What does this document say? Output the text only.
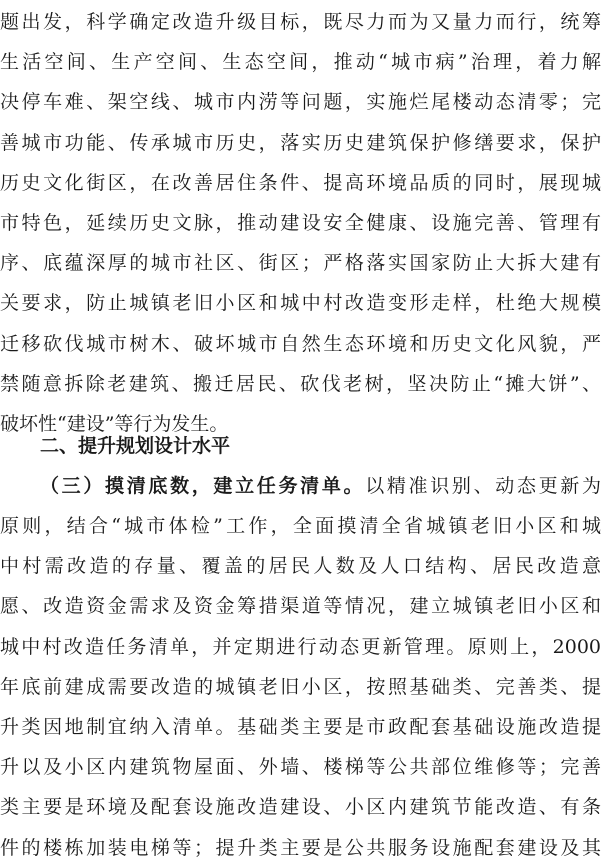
题出发，科学确定改造升级目标，既尽力而为又量力而行，统筹
生活空间、生产空间、生态空间，推动“城市病”治理，着力解
决停车难、架空线、城市内涝等问题，实施烂尾楼动态清零；完
善城市功能、传承城市历史，落实历史建筑保护修缮要求，保护
历史文化街区，在改善居住条件、提高环境品质的同时，展现城
市特色，延续历史文脉，推动建设安全健康、设施完善、管理有
序、底蕴深厚的城市社区、街区；严格落实国家防止大拆大建有
关要求，防止城镇老旧小区和城中村改造变形走样，杜绝大规模
迁移砍伐城市树木、破坏城市自然生态环境和历史文化风貌，严
禁随意拆除老建筑、搬迁居民、砍伐老树，坚决防止“摊大饼”、
破坏性“建设”等行为发生。
二、提升规划设计水平
（三）摸清底数，建立任务清单。以精准识别、动态更新为
原则，结合“城市体检”工作，全面摸清全省城镇老旧小区和城
中村需改造的存量、覆盖的居民人数及人口结构、居民改造意
愿、改造资金需求及资金筹措渠道等情况，建立城镇老旧小区和
城中村改造任务清单，并定期进行动态更新管理。原则上，2000
年底前建成需要改造的城镇老旧小区，按照基础类、完善类、提
升类因地制宜纳入清单。基础类主要是市政配套基础设施改造提
升以及小区内建筑物屋面、外墙、楼梯等公共部位维修等；完善
类主要是环境及配套设施改造建设、小区内建筑节能改造、有条
件的楼栋加装电梯等；提升类主要是公共服务设施配套建设及其
